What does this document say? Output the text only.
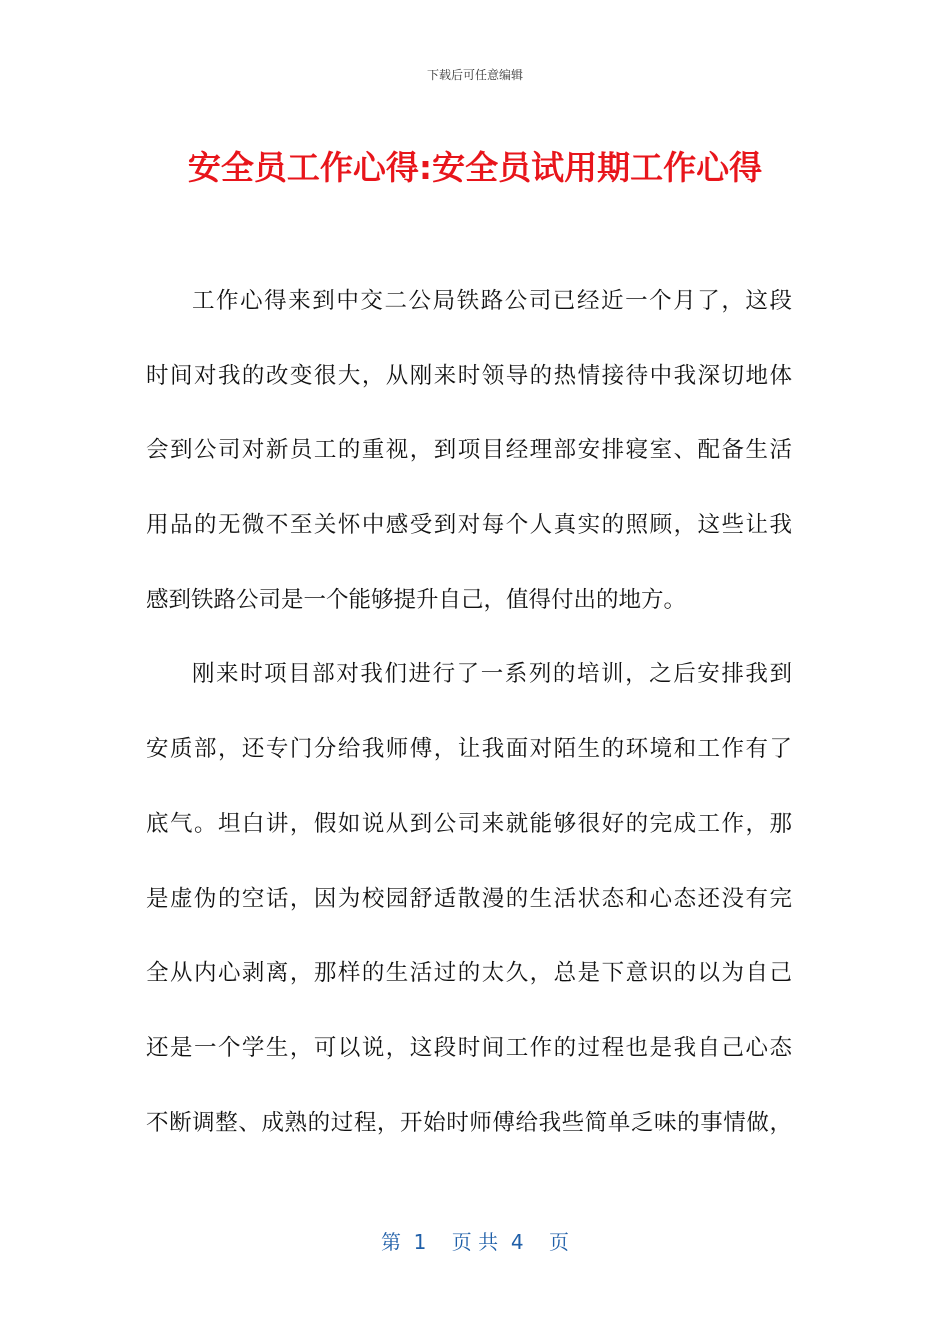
下载后可任意编辑
安全员工作心得:安全员试用期工作心得
工作心得来到中交二公局铁路公司已经近一个月了，这段
时间对我的改变很大，从刚来时领导的热情接待中我深切地体
会到公司对新员工的重视，到项目经理部安排寝室、配备生活
用品的无微不至关怀中感受到对每个人真实的照顾，这些让我
感到铁路公司是一个能够提升自己，值得付出的地方。
刚来时项目部对我们进行了一系列的培训，之后安排我到
安质部，还专门分给我师傅，让我面对陌生的环境和工作有了
底气。坦白讲，假如说从到公司来就能够很好的完成工作，那
是虚伪的空话，因为校园舒适散漫的生活状态和心态还没有完
全从内心剥离，那样的生活过的太久，总是下意识的以为自己
还是一个学生，可以说，这段时间工作的过程也是我自己心态
不断调整、成熟的过程，开始时师傅给我些简单乏味的事情做，
第  1    页 共  4    页
